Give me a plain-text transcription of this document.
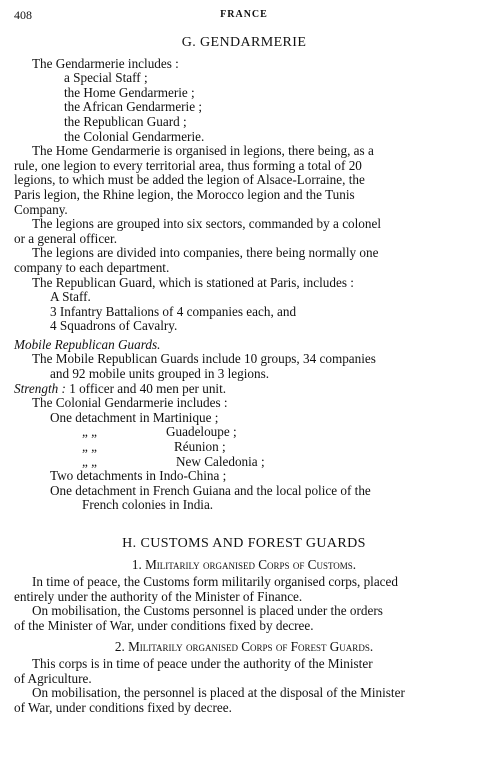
408	FRANCE
G. GENDARMERIE
The Gendarmerie includes :
a Special Staff ;
the Home Gendarmerie ;
the African Gendarmerie ;
the Republican Guard ;
the Colonial Gendarmerie.
The Home Gendarmerie is organised in legions, there being, as a
rule, one legion to every territorial area, thus forming a total of 20
legions, to which must be added the legion of Alsace-Lorraine, the
Paris legion, the Rhine legion, the Morocco legion and the Tunis
Company.
The legions are grouped into six sectors, commanded by a colonel
or a general officer.
The legions are divided into companies, there being normally one
company to each department.
The Republican Guard, which is stationed at Paris, includes :
A Staff.
3 Infantry Battalions of 4 companies each, and
4 Squadrons of Cavalry.
Mobile Republican Guards.
The Mobile Republican Guards include 10 groups, 34 companies
and 92 mobile units grouped in 3 legions.
Strength : 1 officer and 40 men per unit.
The Colonial Gendarmerie includes :
One detachment in Martinique ;
„ „	Guadeloupe ;
„ „	Réunion ;
„ „	New Caledonia ;
Two detachments in Indo-China ;
One detachment in French Guiana and the local police of the
French colonies in India.
H. CUSTOMS AND FOREST GUARDS
1. Militarily organised Corps of Customs.
In time of peace, the Customs form militarily organised corps, placed
entirely under the authority of the Minister of Finance.
On mobilisation, the Customs personnel is placed under the orders
of the Minister of War, under conditions fixed by decree.
2. Militarily organised Corps of Forest Guards.
This corps is in time of peace under the authority of the Minister
of Agriculture.
On mobilisation, the personnel is placed at the disposal of the Minister
of War, under conditions fixed by decree.
